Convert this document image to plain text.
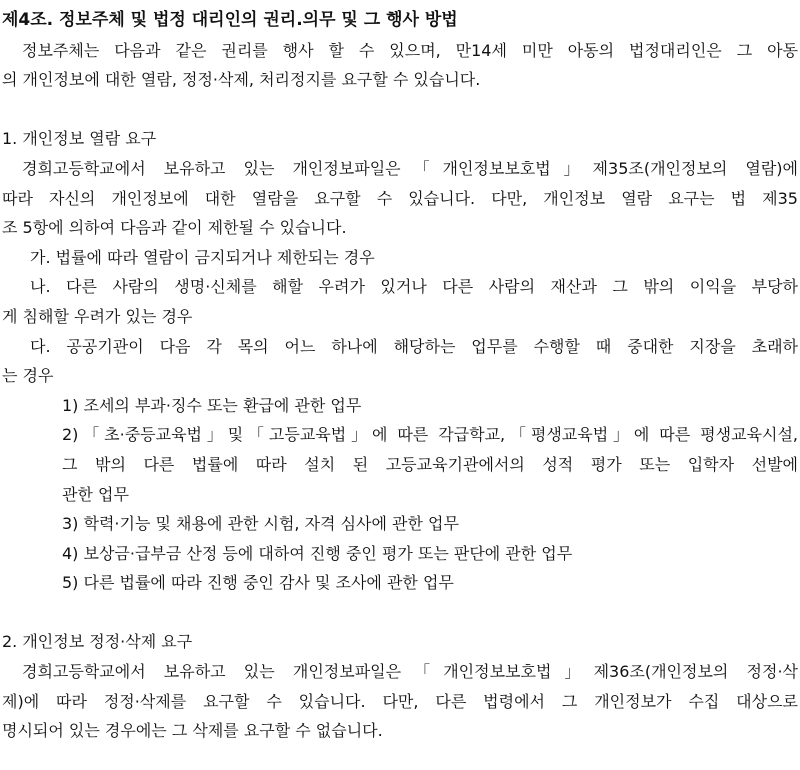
제4조. 정보주체 및 법정 대리인의 권리.의무 및 그 행사 방법
정보주체는 다음과 같은 권리를 행사 할 수 있으며, 만14세 미만 아동의 법정대리인은 그 아동
의 개인정보에 대한 열람, 정정·삭제, 처리정지를 요구할 수 있습니다.
1. 개인정보 열람 요구
경희고등학교에서 보유하고 있는 개인정보파일은「개인정보보호법」제35조(개인정보의 열람)에
따라 자신의 개인정보에 대한 열람을 요구할 수 있습니다. 다만, 개인정보 열람 요구는 법 제35
조 5항에 의하여 다음과 같이 제한될 수 있습니다.
가. 법률에 따라 열람이 금지되거나 제한되는 경우
나. 다른 사람의 생명·신체를 해할 우려가 있거나 다른 사람의 재산과 그 밖의 이익을 부당하
게 침해할 우려가 있는 경우
다. 공공기관이 다음 각 목의 어느 하나에 해당하는 업무를 수행할 때 중대한 지장을 초래하
는 경우
1) 조세의 부과·징수 또는 환급에 관한 업무
2)「초·중등교육법」및「고등교육법」에 따른 각급학교,「평생교육법」에 따른 평생교육시설,
그 밖의 다른 법률에 따라 설치 된 고등교육기관에서의 성적 평가 또는 입학자 선발에
관한 업무
3) 학력·기능 및 채용에 관한 시험, 자격 심사에 관한 업무
4) 보상금·급부금 산정 등에 대하여 진행 중인 평가 또는 판단에 관한 업무
5) 다른 법률에 따라 진행 중인 감사 및 조사에 관한 업무
2. 개인정보 정정·삭제 요구
경희고등학교에서 보유하고 있는 개인정보파일은「개인정보보호법」제36조(개인정보의 정정·삭
제)에 따라 정정·삭제를 요구할 수 있습니다. 다만, 다른 법령에서 그 개인정보가 수집 대상으로
명시되어 있는 경우에는 그 삭제를 요구할 수 없습니다.
